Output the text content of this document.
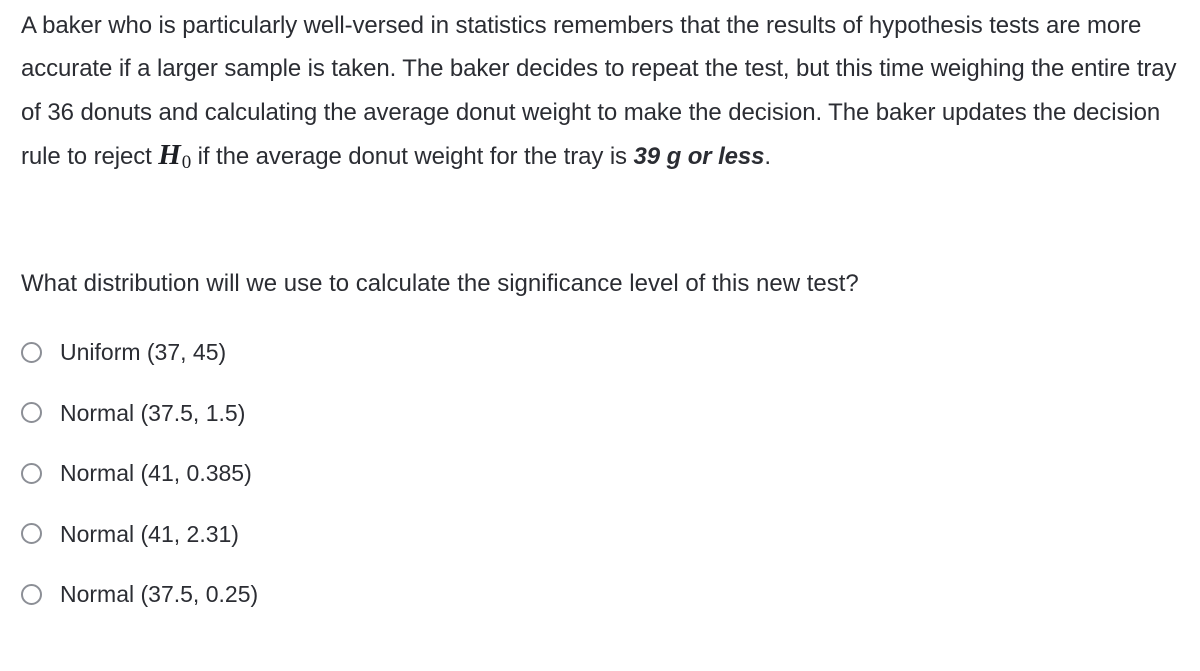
A baker who is particularly well-versed in statistics remembers that the results of hypothesis tests are more accurate if a larger sample is taken. The baker decides to repeat the test, but this time weighing the entire tray of 36 donuts and calculating the average donut weight to make the decision. The baker updates the decision rule to reject $H_0$ if the average donut weight for the tray is 39 g or less.

What distribution will we use to calculate the significance level of this new test?

Uniform (37, 45)
Normal (37.5, 1.5)
Normal (41, 0.385)
Normal (41, 2.31)
Normal (37.5, 0.25)
